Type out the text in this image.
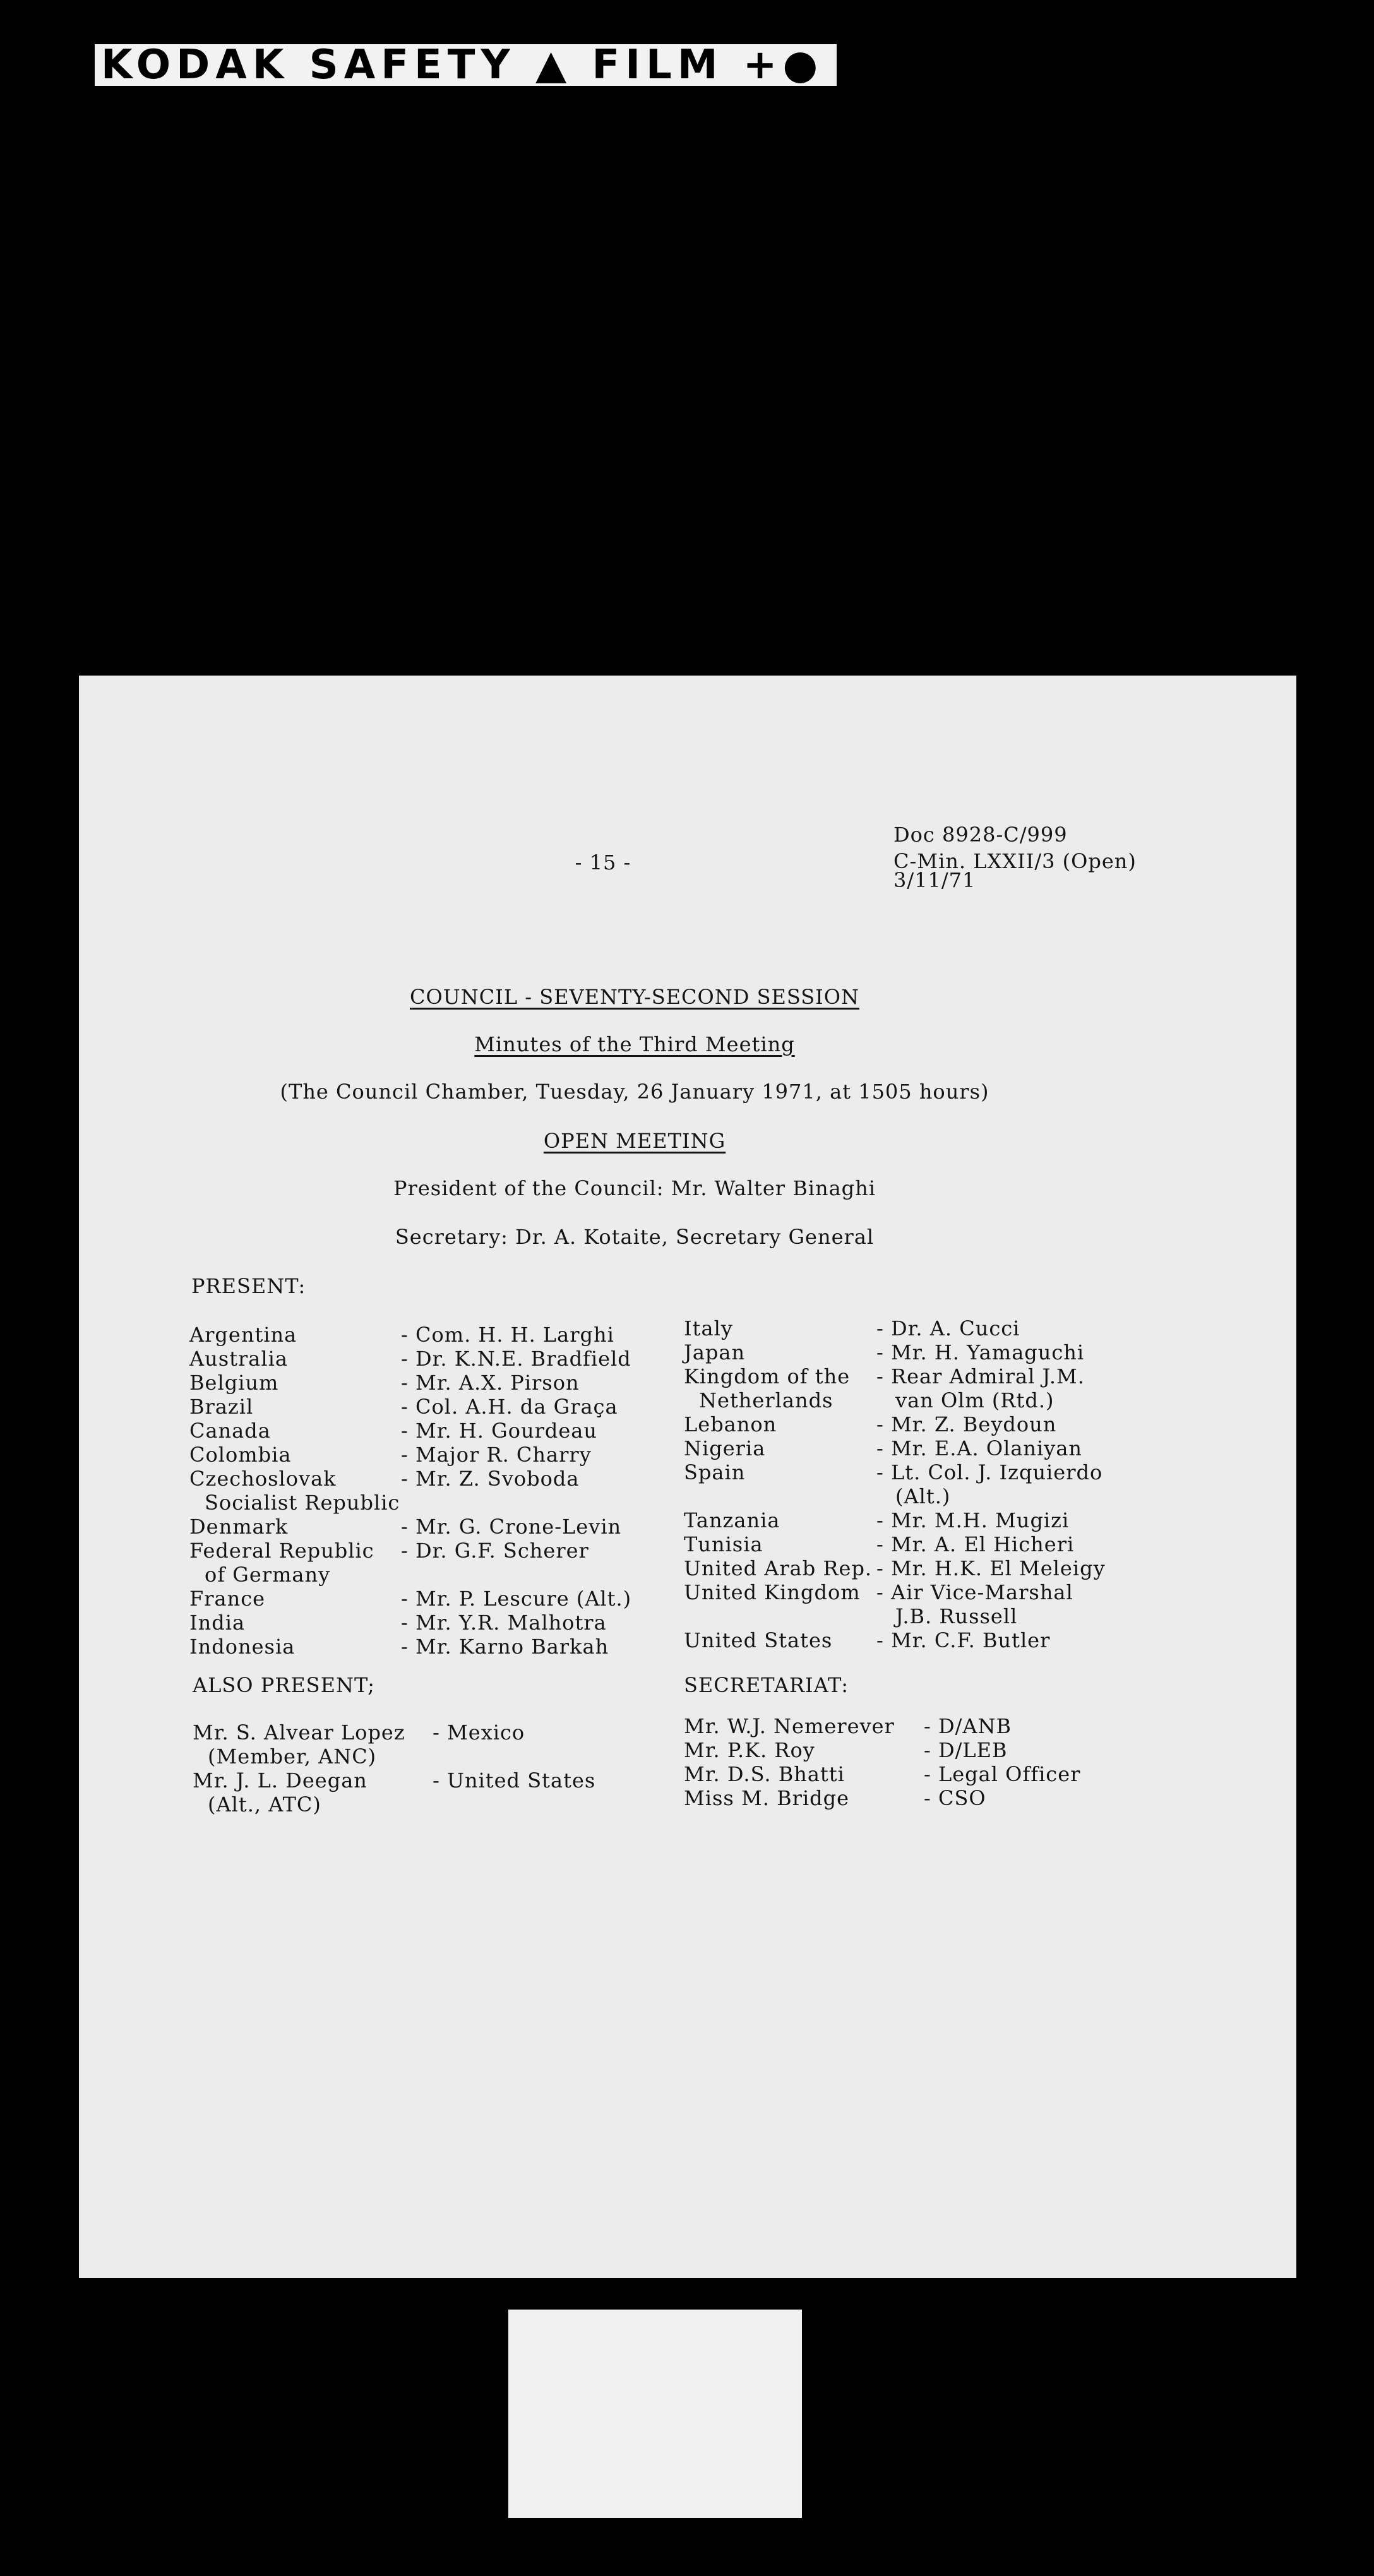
KODAK SAFETY ▲ FILM +●
- 15 -
Doc 8928-C/999
C-Min. LXXII/3 (Open)
3/11/71
COUNCIL - SEVENTY-SECOND SESSION
Minutes of the Third Meeting
(The Council Chamber, Tuesday, 26 January 1971, at 1505 hours)
OPEN MEETING
President of the Council: Mr. Walter Binaghi
Secretary: Dr. A. Kotaite, Secretary General
PRESENT:
Argentina	- Com. H. H. Larghi
Australia	- Dr. K.N.E. Bradfield
Belgium	- Mr. A.X. Pirson
Brazil	- Col. A.H. da Graça
Canada	- Mr. H. Gourdeau
Colombia	- Major R. Charry
Czechoslovak	- Mr. Z. Svoboda
Socialist Republic
Denmark	- Mr. G. Crone-Levin
Federal Republic - Dr. G.F. Scherer
of Germany
France	- Mr. P. Lescure (Alt.)
India	- Mr. Y.R. Malhotra
Indonesia	- Mr. Karno Barkah
Italy	- Dr. A. Cucci
Japan	- Mr. H. Yamaguchi
Kingdom of the - Rear Admiral J.M.
Netherlands	van Olm (Rtd.)
Lebanon	- Mr. Z. Beydoun
Nigeria	- Mr. E.A. Olaniyan
Spain	- Lt. Col. J. Izquierdo
(Alt.)
Tanzania	- Mr. M.H. Mugizi
Tunisia	- Mr. A. El Hicheri
United Arab Rep. - Mr. H.K. El Meleigy
United Kingdom - Air Vice-Marshal
J.B. Russell
United States - Mr. C.F. Butler
ALSO PRESENT;
Mr. S. Alvear Lopez - Mexico
(Member, ANC)
Mr. J. L. Deegan	- United States
(Alt., ATC)
SECRETARIAT:
Mr. W.J. Nemerever - D/ANB
Mr. P.K. Roy	- D/LEB
Mr. D.S. Bhatti	- Legal Officer
Miss M. Bridge	- CSO
